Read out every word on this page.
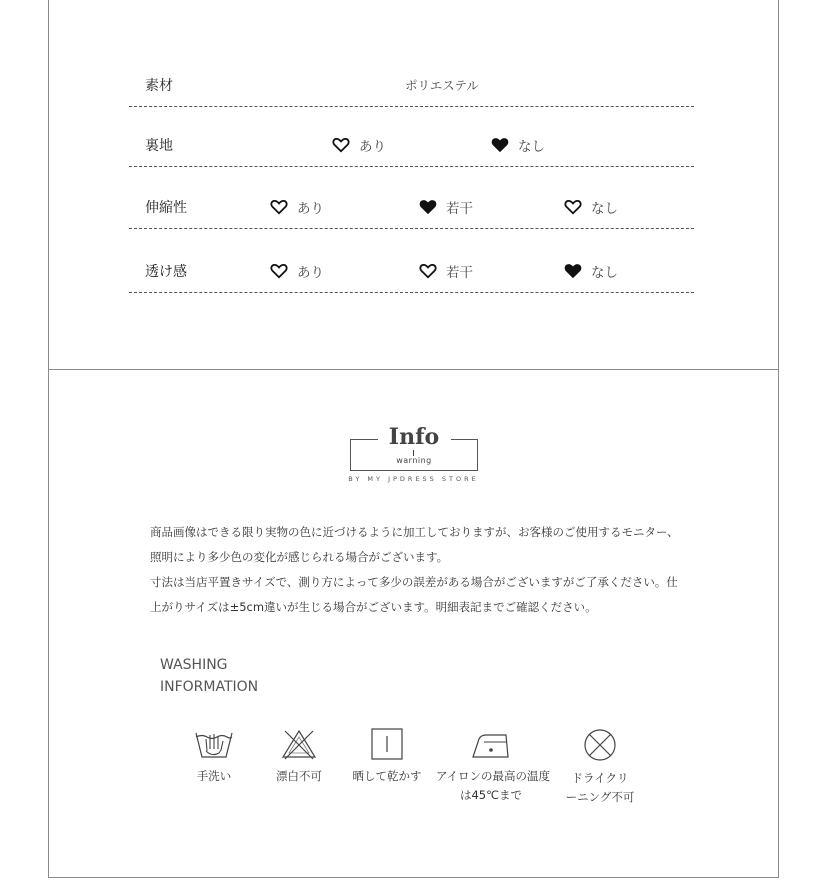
素材	ポリエステル
裏地	あり	なし
伸縮性	あり	若干	なし
透け感	あり	若干	なし
Info
warning
BY MY JPDRESS STORE

商品画像はできる限り実物の色に近づけるように加工しておりますが、お客様のご使用するモニター、

照明により多少色の変化が感じられる場合がございます。

寸法は当店平置きサイズで、測り方によって多少の誤差がある場合がございますがご了承ください。仕

上がりサイズは±5cm違いが生じる場合がございます。明細表記までご確認ください。

WASHING
INFORMATION
手洗い	漂白不可	晒して乾かす	アイロンの最高の温度
は45℃まで
ドライクリ
ーニング不可
